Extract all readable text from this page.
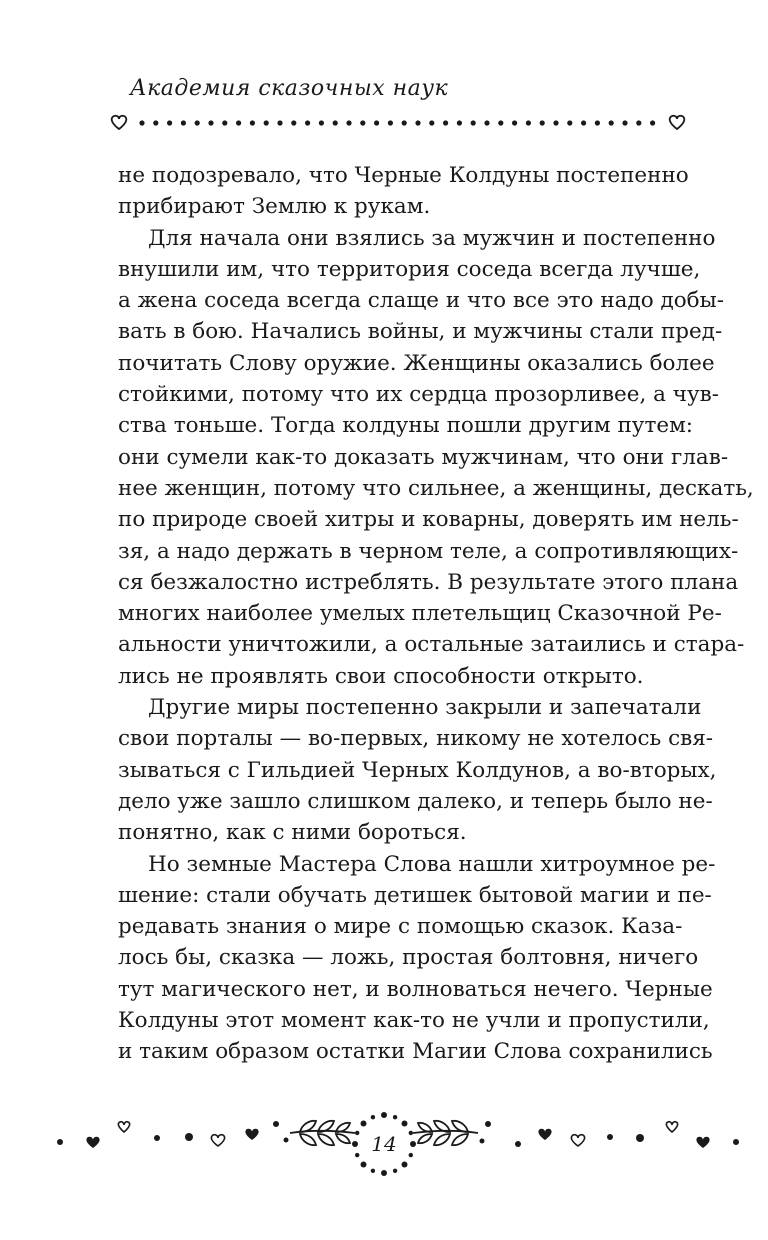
Академия сказочных наук
не подозревало, что Черные Колдуны постепенно
прибирают Землю к рукам.
Для начала они взялись за мужчин и постепенно
внушили им, что территория соседа всегда лучше,
а жена соседа всегда слаще и что все это надо добы-
вать в бою. Начались войны, и мужчины стали пред-
почитать Слову оружие. Женщины оказались более
стойкими, потому что их сердца прозорливее, а чув-
ства тоньше. Тогда колдуны пошли другим путем:
они сумели как-то доказать мужчинам, что они глав-
нее женщин, потому что сильнее, а женщины, дескать,
по природе своей хитры и коварны, доверять им нель-
зя, а надо держать в черном теле, а сопротивляющих-
ся безжалостно истреблять. В результате этого плана
многих наиболее умелых плетельщиц Сказочной Ре-
альности уничтожили, а остальные затаились и стара-
лись не проявлять свои способности открыто.
Другие миры постепенно закрыли и запечатали
свои порталы — во-первых, никому не хотелось свя-
зываться с Гильдией Черных Колдунов, а во-вторых,
дело уже зашло слишком далеко, и теперь было не-
понятно, как с ними бороться.
Но земные Мастера Слова нашли хитроумное ре-
шение: стали обучать детишек бытовой магии и пе-
редавать знания о мире с помощью сказок. Каза-
лось бы, сказка — ложь, простая болтовня, ничего
тут магического нет, и волноваться нечего. Черные
Колдуны этот момент как-то не учли и пропустили,
и таким образом остатки Магии Слова сохранились
14
